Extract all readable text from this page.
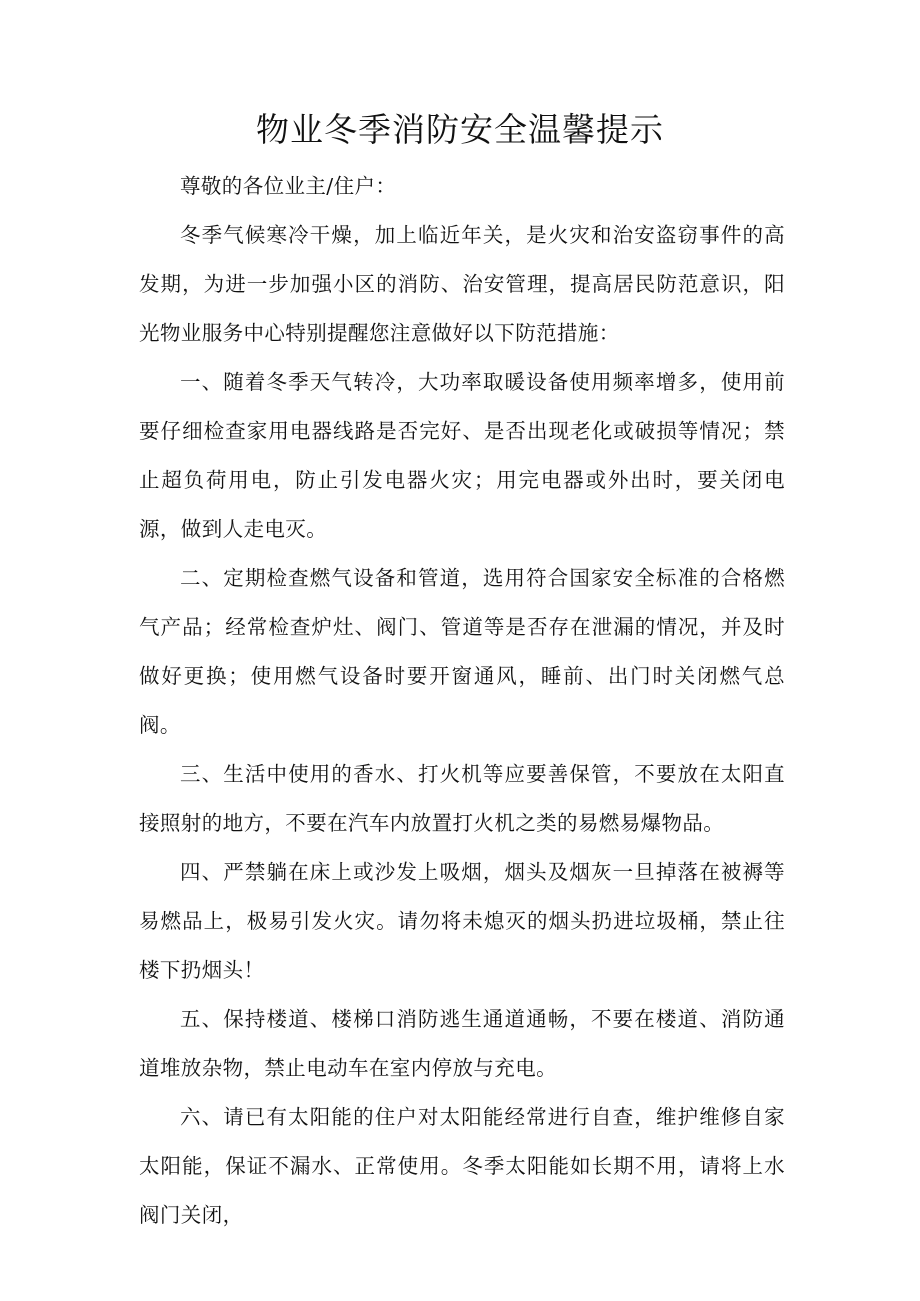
物业冬季消防安全温馨提示

尊敬的各位业主/住户：

冬季气候寒冷干燥，加上临近年关，是火灾和治安盗窃事件的高发期，为进一步加强小区的消防、治安管理，提高居民防范意识，阳光物业服务中心特别提醒您注意做好以下防范措施：

一、随着冬季天气转冷，大功率取暖设备使用频率增多，使用前要仔细检查家用电器线路是否完好、是否出现老化或破损等情况；禁止超负荷用电，防止引发电器火灾；用完电器或外出时，要关闭电源，做到人走电灭。

二、定期检查燃气设备和管道，选用符合国家安全标准的合格燃气产品；经常检查炉灶、阀门、管道等是否存在泄漏的情况，并及时做好更换；使用燃气设备时要开窗通风，睡前、出门时关闭燃气总阀。

三、生活中使用的香水、打火机等应要善保管，不要放在太阳直接照射的地方，不要在汽车内放置打火机之类的易燃易爆物品。

四、严禁躺在床上或沙发上吸烟，烟头及烟灰一旦掉落在被褥等易燃品上，极易引发火灾。请勿将未熄灭的烟头扔进垃圾桶，禁止往楼下扔烟头！

五、保持楼道、楼梯口消防逃生通道通畅，不要在楼道、消防通道堆放杂物，禁止电动车在室内停放与充电。

六、请已有太阳能的住户对太阳能经常进行自查，维护维修自家太阳能，保证不漏水、正常使用。冬季太阳能如长期不用，请将上水阀门关闭，
